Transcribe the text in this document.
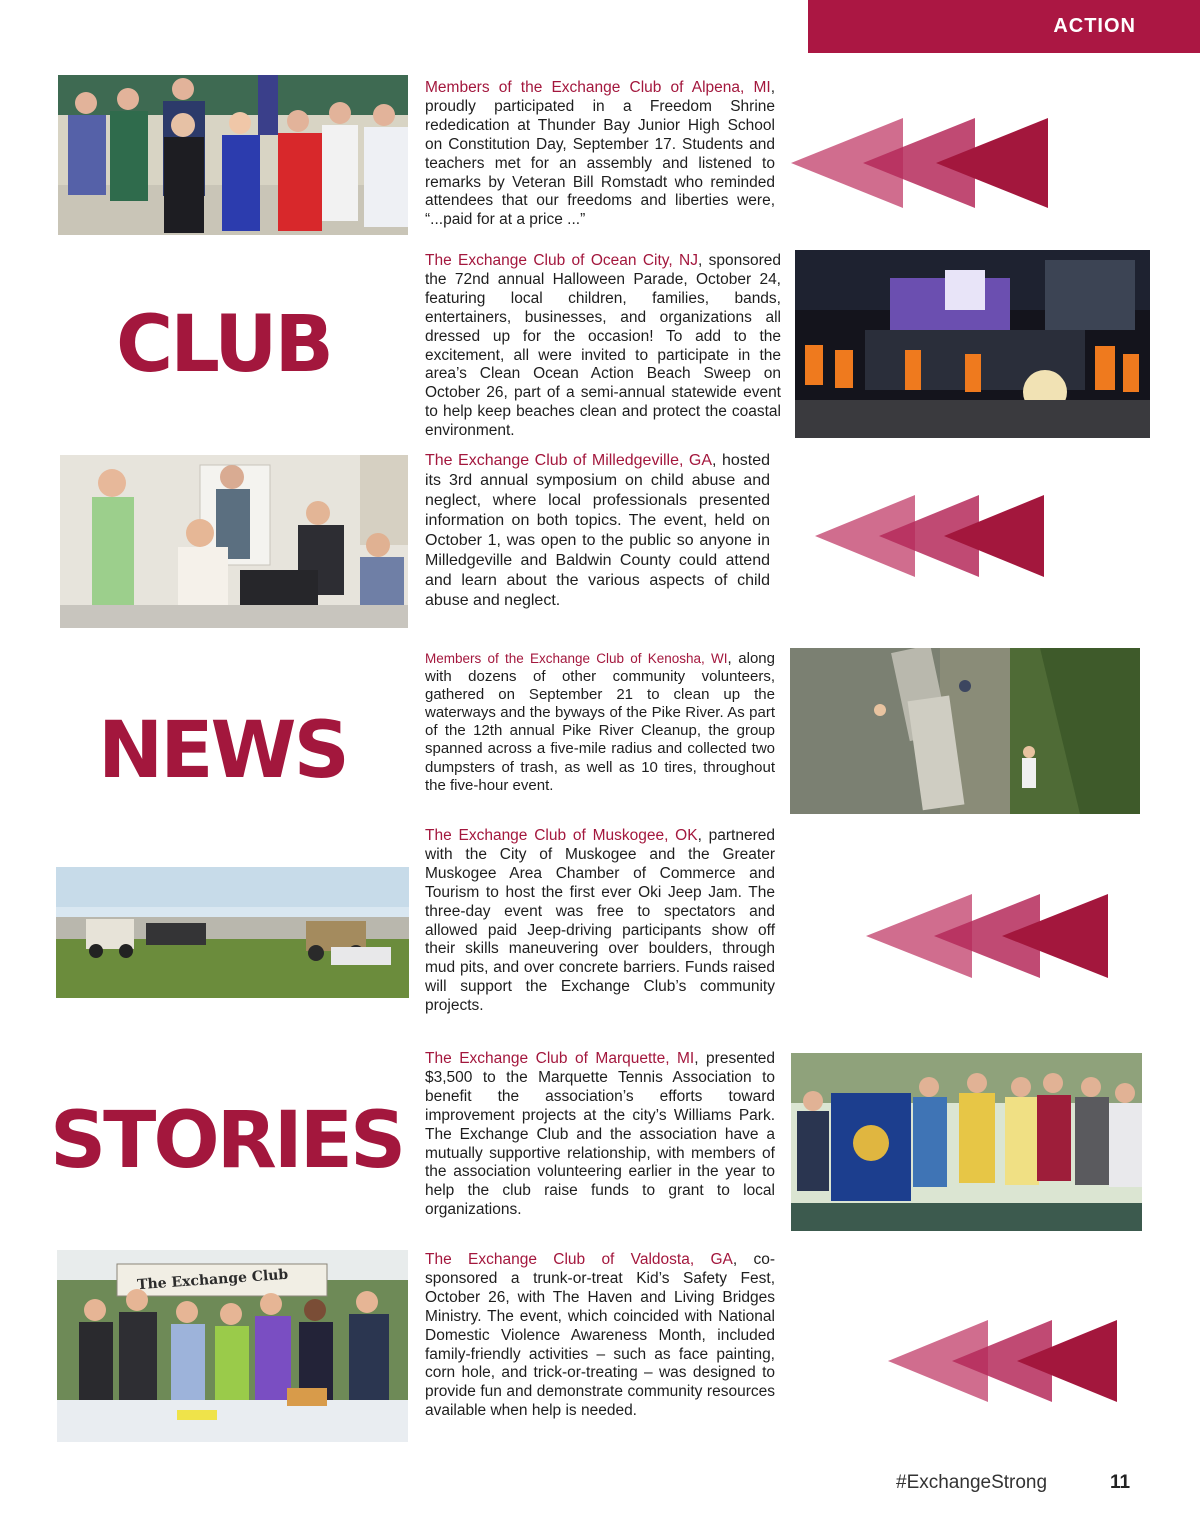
ACTION
CLUB
NEWS
STORIES

Members of the Exchange Club of Alpena, MI, proudly participated in a Freedom Shrine rededication at Thunder Bay Junior High School on Constitution Day, September 17. Students and teachers met for an assembly and listened to remarks by Veteran Bill Romstadt who reminded attendees that our freedoms and liberties were, “...paid for at a price ...”

The Exchange Club of Ocean City, NJ, sponsored the 72nd annual Halloween Parade, October 24, featuring local children, families, bands, entertainers, businesses, and organizations all dressed up for the occasion! To add to the excitement, all were invited to participate in the area’s Clean Ocean Action Beach Sweep on October 26, part of a semi-annual statewide event to help keep beaches clean and protect the coastal environment.

The Exchange Club of Milledgeville, GA, hosted its 3rd annual symposium on child abuse and neglect, where local professionals presented information on both topics. The event, held on October 1, was open to the public so anyone in Milledgeville and Baldwin County could attend and learn about the various aspects of child abuse and neglect.

Members of the Exchange Club of Kenosha, WI, along with dozens of other community volunteers, gathered on September 21 to clean up the waterways and the byways of the Pike River. As part of the 12th annual Pike River Cleanup, the group spanned across a five-mile radius and collected two dumpsters of trash, as well as 10 tires, throughout the five-hour event.

The Exchange Club of Muskogee, OK, partnered with the City of Muskogee and the Greater Muskogee Area Chamber of Commerce and Tourism to host the first ever Oki Jeep Jam. The three-day event was free to spectators and allowed paid Jeep-driving participants show off their skills maneuvering over boulders, through mud pits, and over concrete barriers. Funds raised will support the Exchange Club’s community projects.

The Exchange Club of Marquette, MI, presented $3,500 to the Marquette Tennis Association to benefit the association’s efforts toward improvement projects at the city’s Williams Park. The Exchange Club and the association have a mutually supportive relationship, with members of the association volunteering earlier in the year to help the club raise funds to grant to local organizations.

The Exchange Club

The Exchange Club of Valdosta, GA, co-sponsored a trunk-or-treat Kid’s Safety Fest, October 26, with The Haven and Living Bridges Ministry. The event, which coincided with National Domestic Violence Awareness Month, included family-friendly activities – such as face painting, corn hole, and trick-or-treating – was designed to provide fun and demonstrate community resources available when help is needed.

#ExchangeStrong	11
